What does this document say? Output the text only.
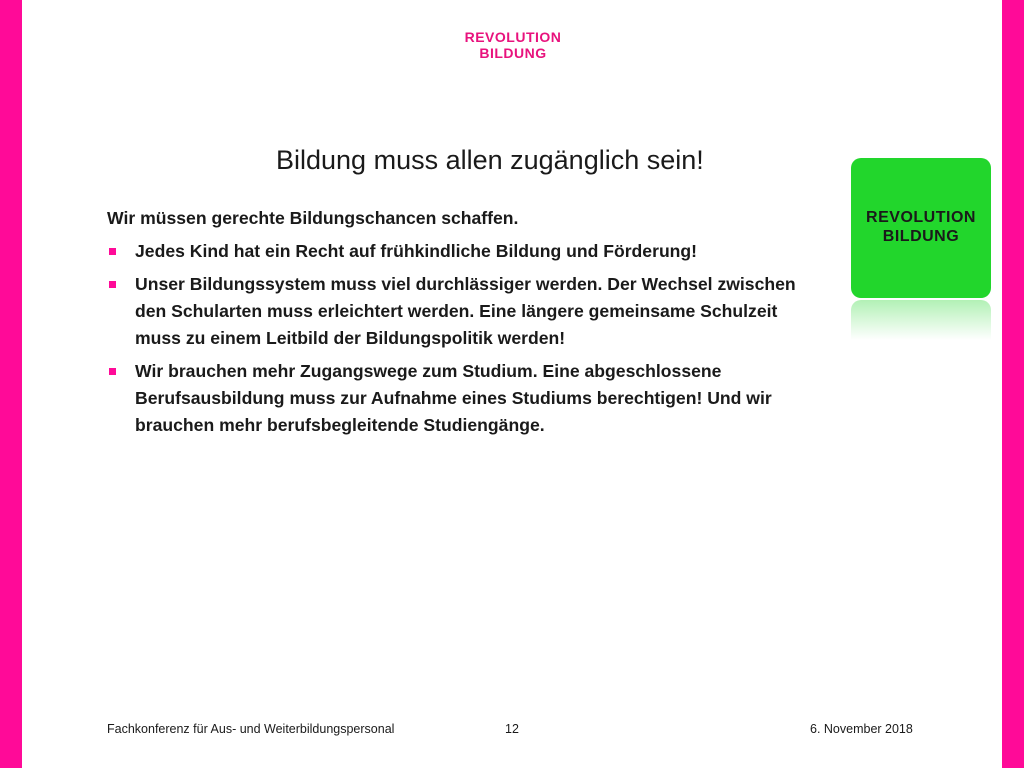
REVOLUTION
BILDUNG
Bildung muss allen zugänglich sein!

Wir müssen gerechte Bildungschancen schaffen.

Jedes Kind hat ein Recht auf frühkindliche Bildung und Förderung!
Unser Bildungssystem muss viel durchlässiger werden. Der Wechsel zwischen den Schularten muss erleichtert werden. Eine längere gemeinsame Schulzeit muss zu einem Leitbild der Bildungspolitik werden!
Wir brauchen mehr Zugangswege zum Studium. Eine abgeschlossene Berufsausbildung muss zur Aufnahme eines Studiums berechtigen! Und wir brauchen mehr berufsbegleitende Studiengänge.
REVOLUTION
BILDUNG
Fachkonferenz für Aus- und Weiterbildungspersonal	12	6. November 2018
